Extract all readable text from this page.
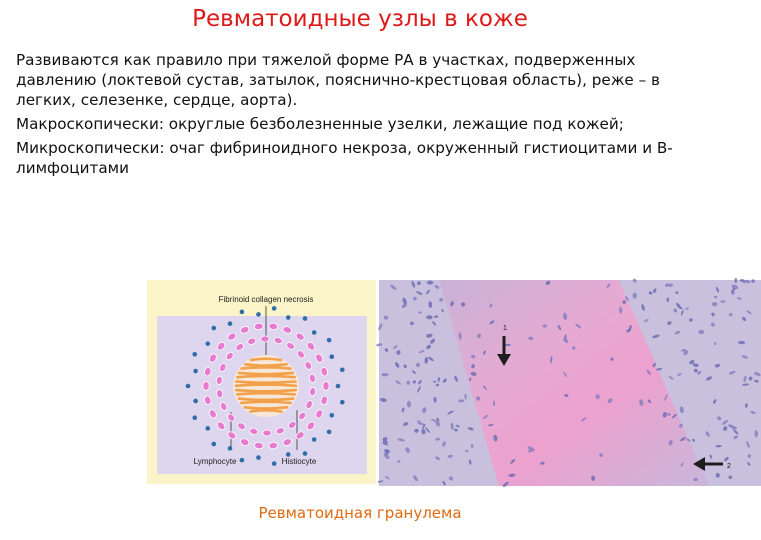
Ревматоидные узлы в коже

Развиваются как правило при тяжелой форме РА в участках, подверженных давлению (локтевой сустав, затылок, пояснично-крестцовая область), реже – в легких, селезенке, сердце, аорта).

Макроскопически: округлые безболезненные узелки, лежащие под кожей;

Микроскопически: очаг фибриноидного некроза, окруженный гистиоцитами и В-лимфоцитами

Fibrinoid collagen necrosis
Lymphocyte	Histiocyte
1
2
Ревматоидная гранулема
